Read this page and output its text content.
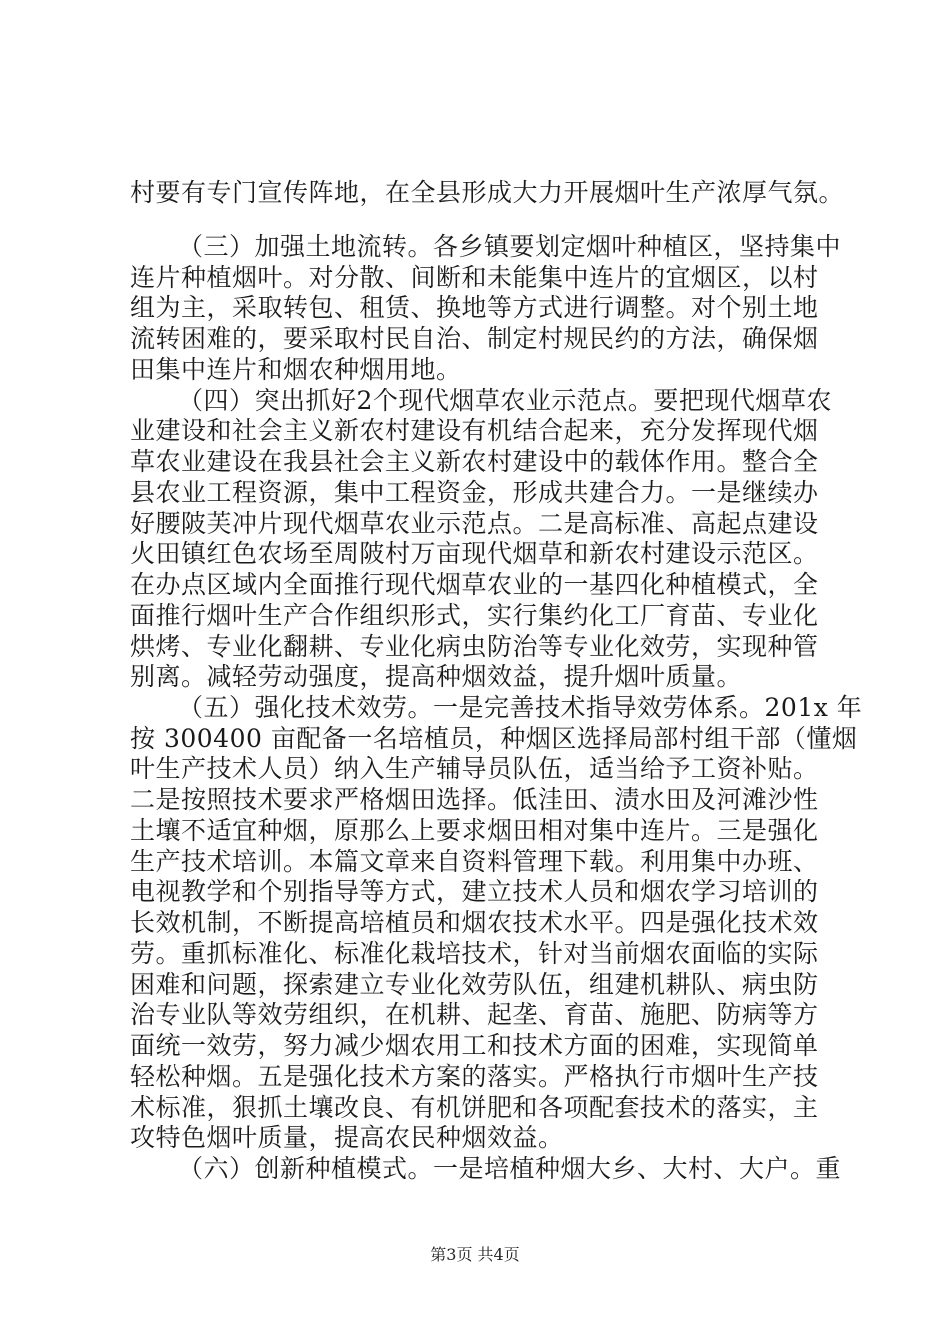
村要有专门宣传阵地，在全县形成大力开展烟叶生产浓厚气氛。
（三）加强土地流转。各乡镇要划定烟叶种植区，坚持集中
连片种植烟叶。对分散、间断和未能集中连片的宜烟区，以村
组为主，采取转包、租赁、换地等方式进行调整。对个别土地
流转困难的，要采取村民自治、制定村规民约的方法，确保烟
田集中连片和烟农种烟用地。
（四）突出抓好2个现代烟草农业示范点。要把现代烟草农
业建设和社会主义新农村建设有机结合起来，充分发挥现代烟
草农业建设在我县社会主义新农村建设中的载体作用。整合全
县农业工程资源，集中工程资金，形成共建合力。一是继续办
好腰陂芙冲片现代烟草农业示范点。二是高标准、高起点建设
火田镇红色农场至周陂村万亩现代烟草和新农村建设示范区。
在办点区域内全面推行现代烟草农业的一基四化种植模式，全
面推行烟叶生产合作组织形式，实行集约化工厂育苗、专业化
烘烤、专业化翻耕、专业化病虫防治等专业化效劳，实现种管
别离。减轻劳动强度，提高种烟效益，提升烟叶质量。
（五）强化技术效劳。一是完善技术指导效劳体系。201x 年
按 300400 亩配备一名培植员，种烟区选择局部村组干部（懂烟
叶生产技术人员）纳入生产辅导员队伍，适当给予工资补贴。
二是按照技术要求严格烟田选择。低洼田、渍水田及河滩沙性
土壤不适宜种烟，原那么上要求烟田相对集中连片。三是强化
生产技术培训。本篇文章来自资料管理下载。利用集中办班、
电视教学和个别指导等方式，建立技术人员和烟农学习培训的
长效机制，不断提高培植员和烟农技术水平。四是强化技术效
劳。重抓标准化、标准化栽培技术，针对当前烟农面临的实际
困难和问题，探索建立专业化效劳队伍，组建机耕队、病虫防
治专业队等效劳组织，在机耕、起垄、育苗、施肥、防病等方
面统一效劳，努力减少烟农用工和技术方面的困难，实现简单
轻松种烟。五是强化技术方案的落实。严格执行市烟叶生产技
术标准，狠抓土壤改良、有机饼肥和各项配套技术的落实，主
攻特色烟叶质量，提高农民种烟效益。
（六）创新种植模式。一是培植种烟大乡、大村、大户。重
第3页 共4页
